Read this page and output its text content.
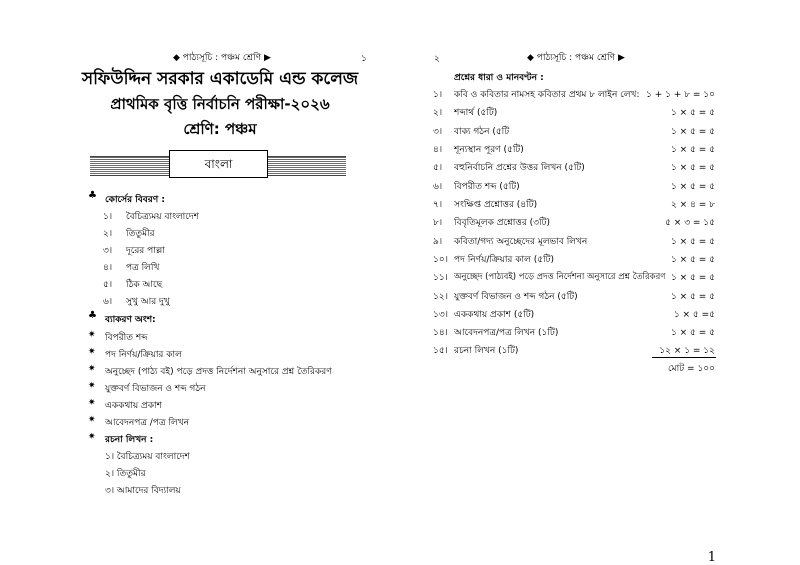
◆ পাঠ্যসূচি : পঞ্চম শ্রেণি ▶	১
সফিউদ্দিন সরকার একাডেমি এন্ড কলেজ
প্রাথমিক বৃত্তি নির্বাচনি পরীক্ষা-২০২৬
শ্রেণি: পঞ্চম
বাংলা
♣ কোর্সের বিবরণ :
১। বৈচিত্র্যময় বাংলাদেশ
২। তিতুমীর
৩। দূরের পাল্লা
৪। পত্র লিখি
৫। ঠিক আছে
৬। সুখু আর দুখু
♣ ব্যাকরণ অংশ:
✷ বিপরীত শব্দ
✷ পদ নির্ণয়/ক্রিয়ার কাল
✷ অনুচ্ছেদ (পাঠ্য বই) পড়ে প্রদত্ত নির্দেশনা অনুসারে প্রশ্ন তৈরিকরণ
✷ যুক্তবর্ণ বিভাজন ও শব্দ গঠন
✷ এককথায় প্রকাশ
✷ আবেদনপত্র /পত্র লিখন
✷ রচনা লিখন :
১। বৈচিত্র্যময় বাংলাদেশ
২। তিতুমীর
৩। আমাদের বিদ্যালয়
২	◆ পাঠ্যসূচি : পঞ্চম শ্রেণি ▶
প্রশ্নের ধারা ও মানবণ্টন :
১। কবি ও কবিতার নামসহ কবিতার প্রথম ৮ লাইন লেখ: ১ + ১ + ৮ = ১০
২। শব্দার্থ (৫টি)	১ × ৫ = ৫
৩। বাক্য গঠন (৫টি	১ × ৫ = ৫
৪। শূন্যস্থান পূরণ (৫টি)	১ × ৫ = ৫
৫। বহুনির্বাচনি প্রশ্নের উত্তর লিখন (৫টি)	১ × ৫ = ৫
৬। বিপরীত শব্দ (৫টি)	১ × ৫ = ৫
৭। সংক্ষিপ্ত প্রশ্নোত্তর (৪টি)	২ × ৪ = ৮
৮। বিবৃতিমূলক প্রশ্নোত্তর (৩টি)	৫ × ৩ = ১৫
৯। কবিতা/গদ্য অনুচ্ছেদের মূলভাব লিখন	১ × ৫ = ৫
১০। পদ নির্ণয়/ক্রিয়ার কাল (৫টি)	১ × ৫ = ৫
১১। অনুচ্ছেদ (পাঠ্যবই) পড়ে প্রদত্ত নির্দেশনা অনুসারে প্রশ্ন তৈরিকরণ ১ × ৫ = ৫
১২। যুক্তবর্ণ বিভাজন ও শব্দ গঠন (৫টি)	১ × ৫ = ৫
১৩। এককথায় প্রকাশ (৫টি)	১ × ৫ =৫
১৪। আবেদনপত্র/পত্র লিখন (১টি)	১ × ৫ = ৫
১৫। রচনা লিখন (১টি)	১২ × ১ = ১২
মোট = ১০০
1
